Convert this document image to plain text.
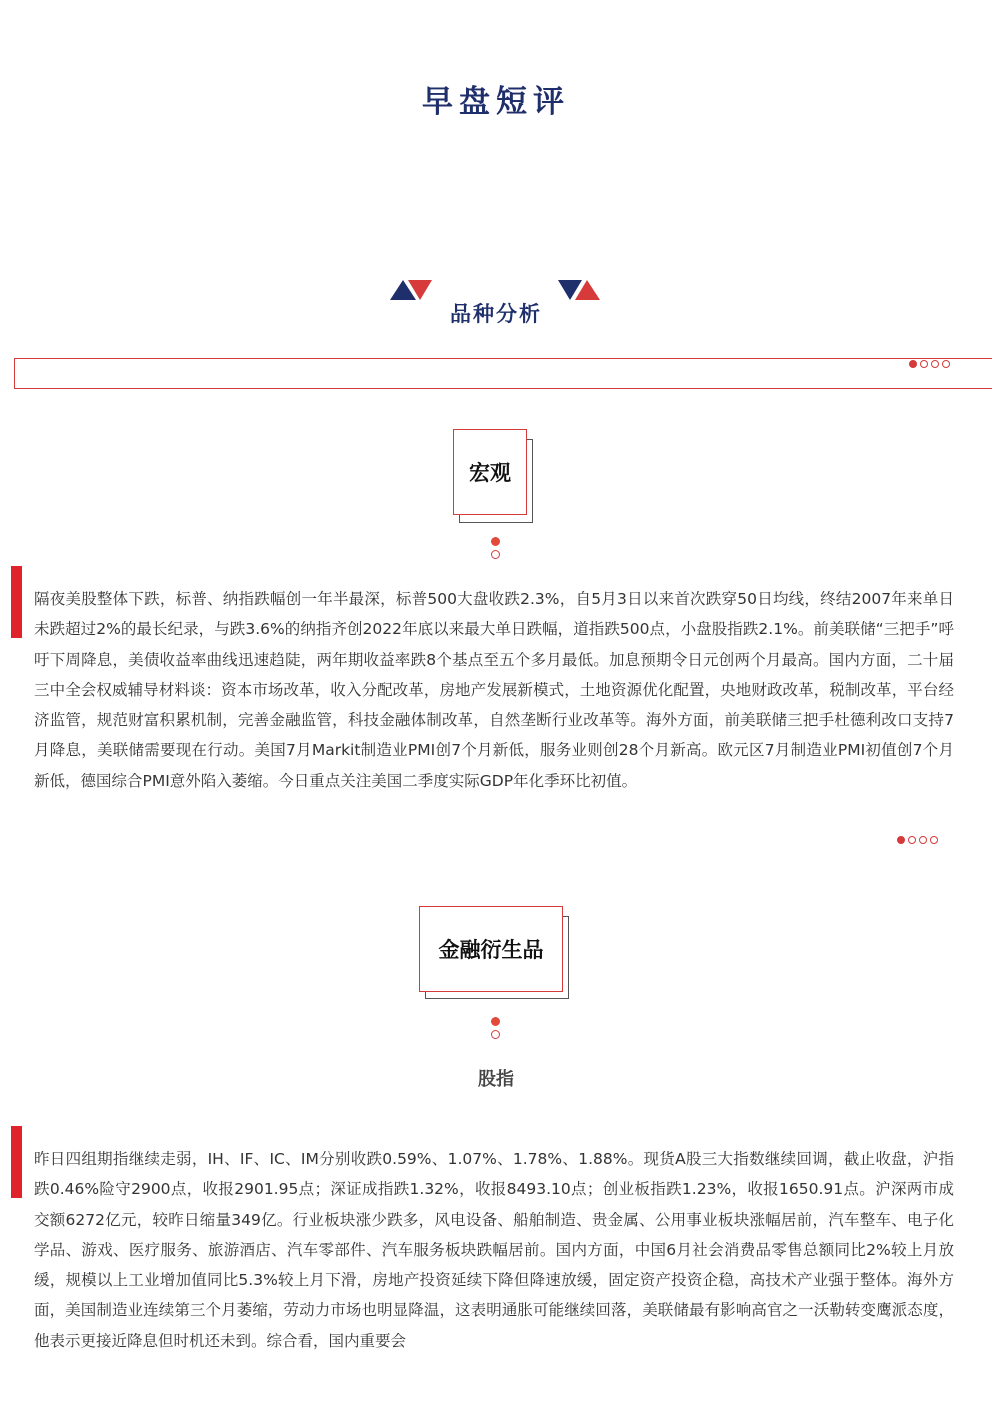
早盘短评
品种分析
宏观
隔夜美股整体下跌，标普、纳指跌幅创一年半最深，标普500大盘收跌2.3%，自5月3日以来首次跌穿50日均线，终结2007年来单日未跌超过2%的最长纪录，与跌3.6%的纳指齐创2022年底以来最大单日跌幅，道指跌500点，小盘股指跌2.1%。前美联储“三把手”呼吁下周降息，美债收益率曲线迅速趋陡，两年期收益率跌8个基点至五个多月最低。加息预期令日元创两个月最高。国内方面，二十届三中全会权威辅导材料谈：资本市场改革，收入分配改革，房地产发展新模式，土地资源优化配置，央地财政改革，税制改革，平台经济监管，规范财富积累机制，完善金融监管，科技金融体制改革，自然垄断行业改革等。海外方面，前美联储三把手杜德利改口支持7月降息，美联储需要现在行动。美国7月Markit制造业PMI创7个月新低，服务业则创28个月新高。欧元区7月制造业PMI初值创7个月新低，德国综合PMI意外陷入萎缩。今日重点关注美国二季度实际GDP年化季环比初值。
金融衍生品
股指
昨日四组期指继续走弱，IH、IF、IC、IM分别收跌0.59%、1.07%、1.78%、1.88%。现货A股三大指数继续回调，截止收盘，沪指跌0.46%险守2900点，收报2901.95点；深证成指跌1.32%，收报8493.10点；创业板指跌1.23%，收报1650.91点。沪深两市成交额6272亿元，较昨日缩量349亿。行业板块涨少跌多，风电设备、船舶制造、贵金属、公用事业板块涨幅居前，汽车整车、电子化学品、游戏、医疗服务、旅游酒店、汽车零部件、汽车服务板块跌幅居前。国内方面，中国6月社会消费品零售总额同比2%较上月放缓，规模以上工业增加值同比5.3%较上月下滑，房地产投资延续下降但降速放缓，固定资产投资企稳，高技术产业强于整体。海外方面，美国制造业连续第三个月萎缩，劳动力市场也明显降温，这表明通胀可能继续回落，美联储最有影响高官之一沃勒转变鹰派态度，他表示更接近降息但时机还未到。综合看，国内重要会
